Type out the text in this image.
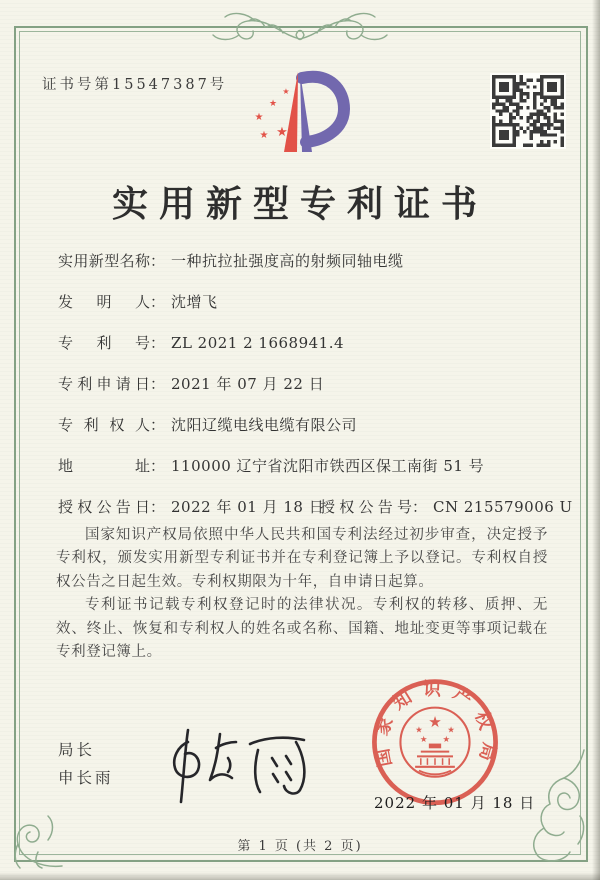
证书号第15547387号	★
★
★
★ ★
实用新型专利证书
实用新型名称： 一种抗拉扯强度高的射频同轴电缆
发明人： 沈增飞
专利号： ZL 2021 2 1668941.4
专利申请日： 2021 年 07 月 22 日
专利权人： 沈阳辽缆电线电缆有限公司
地址： 110000 辽宁省沈阳市铁西区保工南街 51 号
授权公告日： 2022 年 01 月 18 日
授权公告号： CN 215579006 U

国家知识产权局依照中华人民共和国专利法经过初步审查，决定授予专利权，颁发实用新型专利证书并在专利登记簿上予以登记。专利权自授权公告之日起生效。专利权期限为十年，自申请日起算。

专利证书记载专利权登记时的法律状况。专利权的转移、质押、无效、终止、恢复和专利权人的姓名或名称、国籍、地址变更等事项记载在专利登记簿上。

局长
申长雨
国家知识产权局
★
★	★
★ ★
2022 年 01 月 18 日
第 1 页 (共 2 页)
